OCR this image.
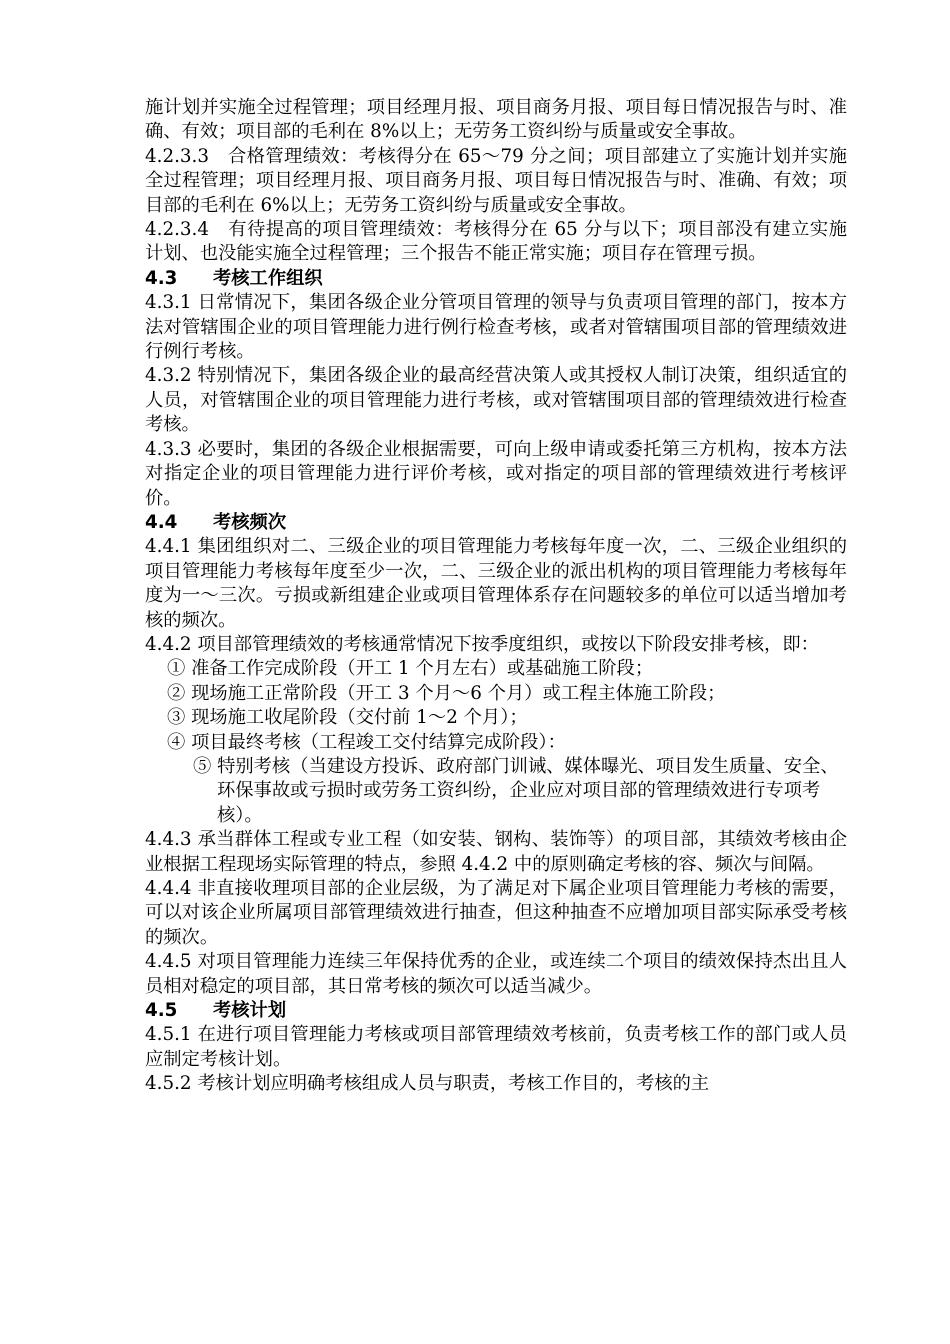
施计划并实施全过程管理；项目经理月报、项目商务月报、项目每日情况报告与时、准确、有效；项目部的毛利在 8%以上；无劳务工资纠纷与质量或安全事故。

4.2.3.3　合格管理绩效：考核得分在 65～79 分之间；项目部建立了实施计划并实施全过程管理；项目经理月报、项目商务月报、项目每日情况报告与时、准确、有效；项目部的毛利在 6%以上；无劳务工资纠纷与质量或安全事故。

4.2.3.4　有待提高的项目管理绩效：考核得分在 65 分与以下；项目部没有建立实施计划、也没能实施全过程管理；三个报告不能正常实施；项目存在管理亏损。

4.3 考核工作组织

4.3.1 日常情况下，集团各级企业分管项目管理的领导与负责项目管理的部门，按本方法对管辖围企业的项目管理能力进行例行检查考核，或者对管辖围项目部的管理绩效进行例行考核。

4.3.2 特别情况下，集团各级企业的最高经营决策人或其授权人制订决策，组织适宜的人员，对管辖围企业的项目管理能力进行考核，或对管辖围项目部的管理绩效进行检查考核。

4.3.3 必要时，集团的各级企业根据需要，可向上级申请或委托第三方机构，按本方法对指定企业的项目管理能力进行评价考核，或对指定的项目部的管理绩效进行考核评价。

4.4 考核频次

4.4.1 集团组织对二、三级企业的项目管理能力考核每年度一次，二、三级企业组织的项目管理能力考核每年度至少一次，二、三级企业的派出机构的项目管理能力考核每年度为一～三次。亏损或新组建企业或项目管理体系存在问题较多的单位可以适当增加考核的频次。

4.4.2 项目部管理绩效的考核通常情况下按季度组织，或按以下阶段安排考核，即：

① 准备工作完成阶段（开工 1 个月左右）或基础施工阶段；

② 现场施工正常阶段（开工 3 个月～6 个月）或工程主体施工阶段；

③ 现场施工收尾阶段（交付前 1～2 个月）；

④ 项目最终考核（工程竣工交付结算完成阶段）：

⑤ 特别考核（当建设方投诉、政府部门训诫、媒体曝光、项目发生质量、安全、环保事故或亏损时或劳务工资纠纷，企业应对项目部的管理绩效进行专项考核）。

4.4.3 承当群体工程或专业工程（如安装、钢构、装饰等）的项目部，其绩效考核由企业根据工程现场实际管理的特点，参照 4.4.2 中的原则确定考核的容、频次与间隔。

4.4.4 非直接收理项目部的企业层级，为了满足对下属企业项目管理能力考核的需要，可以对该企业所属项目部管理绩效进行抽查，但这种抽查不应增加项目部实际承受考核的频次。

4.4.5 对项目管理能力连续三年保持优秀的企业，或连续二个项目的绩效保持杰出且人员相对稳定的项目部，其日常考核的频次可以适当减少。

4.5 考核计划

4.5.1 在进行项目管理能力考核或项目部管理绩效考核前，负责考核工作的部门或人员应制定考核计划。

4.5.2 考核计划应明确考核组成人员与职责，考核工作目的，考核的主
